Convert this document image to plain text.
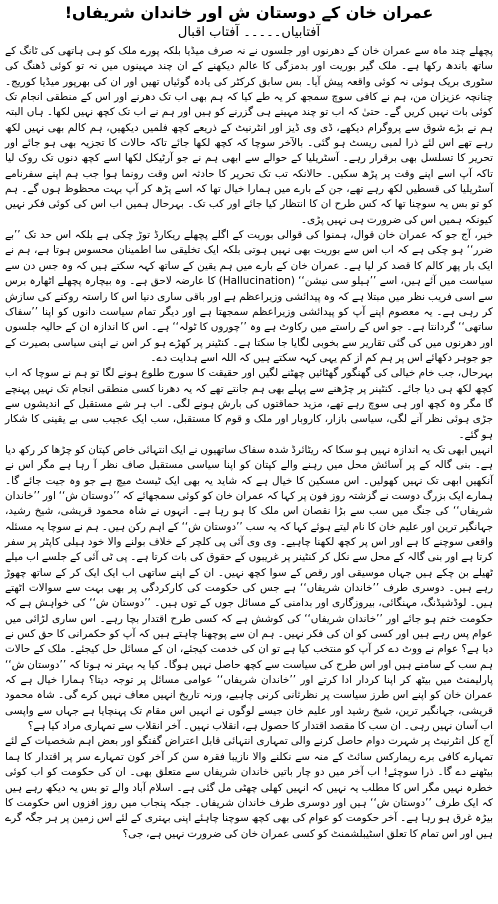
عمران خان کے دوستان ش اور خاندان شریفاں!
آفتابیاں۔۔۔۔۔ آفتاب اقبال

پچھلے چند ماہ سے عمران خان کے دھرنوں اور جلسوں نے نہ صرف میڈیا بلکہ پورے ملک کو ہی ہاتھی کی ٹانگ کے ساتھ باندھ رکھا ہے۔ ملک گیر بوریت اور بدمزگی کا عالم دیکھنے کے ان چند مہینوں میں نہ تو کوئی ڈھنگ کی سٹوری بریک ہوئی نہ کوئی واقعہ پیش آیا۔ بس سابق کرکٹر کی یادہ گوئیاں تھیں اور ان کی بھرپور میڈیا کوریج۔ چنانچہ عزیزان من، ہم نے کافی سوچ سمجھ کر یہ طے کیا کہ ہم بھی اب تک دھرنے اور اس کے منطقی انجام تک کوئی بات نہیں کریں گے۔ حتیٰ کہ اب تو چند مہینے ہی گزرنے کو ہیں اور ہم نے اب تک کچھ نہیں لکھا۔ ہاں البتہ ہم نے بڑے شوق سے پروگرام دیکھے، ڈی وی ڈیز اور انٹرنیٹ کے ذریعے کچھ فلمیں دیکھیں، ہم کالم بھی نہیں لکھ رہے تھے اس لئے ذرا لمبی ریسٹ ہو گئی۔ بالآخر سوچا کہ کچھ لکھا جائے تاکہ حالات کا تجزیہ بھی ہو جائے اور تحریر کا تسلسل بھی برقرار رہے۔ آسٹریلیا کے حوالے سے ابھی ہم نے جو آرٹیکل لکھا اسے کچھ دنوں تک روک لیا تاکہ آپ اسے اپنے وقت پر پڑھ سکیں۔ حالانکہ تب تک تحریر کا حادثہ اس وقت رونما ہوا جب ہم اپنے سفرنامے آسٹریلیا کی قسطیں لکھ رہے تھے، جن کے بارے میں ہمارا خیال تھا کہ اسے پڑھ کر آپ بہت محظوظ ہوں گے۔ ہم کو تو بس یہ سوچنا تھا کہ کس طرح ان کا انتظار کیا جائے اور کب تک۔ بہرحال ہمیں اب اس کی کوئی فکر نہیں کیونکہ ہمیں اس کی ضرورت ہی نہیں پڑی۔

خیر، آج جو کہ عمران خان قوال، ہمنوا کی قوالی بوریت کے اگلے پچھلے ریکارڈ توڑ چکی ہے بلکہ اس حد تک ’’بے ضرر‘‘ ہو چکی ہے کہ اب اس سے بوریت بھی نہیں ہوتی بلکہ ایک تخلیقی سا اطمینان محسوس ہوتا ہے، ہم نے ایک بار پھر کالم کا قصد کر لیا ہے۔ عمران خان کے بارے میں ہم یقین کے ساتھ کہہ سکتے ہیں کہ وہ جس دن سے سیاست میں آئے ہیں، اسے ’’ہیلو سی نیشن‘‘ (Hallucination) کا عارضہ لاحق ہے۔ وہ بیچارہ پچھلے اٹھارہ برس سے اسی فریب نظر میں مبتلا ہے کہ وہ پیدائشی وزیراعظم ہے اور باقی ساری دنیا اس کا راستہ روکنے کی سازش کر رہی ہے۔ یہ معصوم اپنے آپ کو پیدائشی وزیراعظم سمجھتا ہے اور دیگر تمام سیاست دانوں کو اپنا ’’سفاک ساتھی‘‘ گردانتا ہے۔ جو اس کے راستے میں رکاوٹ ہے وہ ’’چوروں کا ٹولہ‘‘ ہے۔ اس کا اندازہ ان کے حالیہ جلسوں اور دھرنوں میں کی گئی تقاریر سے بخوبی لگایا جا سکتا ہے۔ کنٹینر پر کھڑے ہو کر اس نے اپنی سیاسی بصیرت کے جو جوہر دکھائے اس پر ہم کم از کم یہی کہہ سکتے ہیں کہ اللہ اسے ہدایت دے۔

بہرحال، جب خام خیالی کی گھنگور گھٹائیں چھٹنے لگیں اور حقیقت کا سورج طلوع ہونے لگا تو ہم نے سوچا کہ اب کچھ لکھ ہی دیا جائے۔ کنٹینر پر چڑھنے سے پہلے بھی ہم جانتے تھے کہ یہ دھرنا کسی منطقی انجام تک نہیں پہنچے گا مگر وہ کچھ اور ہی سوچ رہے تھے، مزید حماقتوں کی بارش ہونے لگی۔ اب ہر شے مستقبل کے اندیشوں سے جڑی ہوئی نظر آنے لگی، سیاسی بازار، کاروبار اور ملک و قوم کا مستقبل، سب ایک عجیب سی بے یقینی کا شکار ہو گئے۔

انہیں ابھی تک یہ اندازہ نہیں ہو سکا کہ ریٹائرڈ شدہ سفاک ساتھیوں نے ایک انتہائی خاص کپتان کو چڑھا کر رکھ دیا ہے۔ بنی گالہ کے پر آسائش محل میں رہنے والے کپتان کو اپنا سیاسی مستقبل صاف نظر آ رہا ہے مگر اس نے آنکھیں ابھی تک نہیں کھولیں۔ اس مسکین کا خیال ہے کہ شاید یہ بھی ایک ٹیسٹ میچ ہے جو وہ جیت جائے گا۔ ہمارے ایک بزرگ دوست نے گزشتہ روز فون پر کہا کہ عمران خان کو کوئی سمجھائے کہ ’’دوستان ش‘‘ اور ’’خاندان شریفاں‘‘ کی جنگ میں سب سے بڑا نقصان اس ملک کا ہو رہا ہے۔ انہوں نے شاہ محمود قریشی، شیخ رشید، جہانگیر ترین اور علیم خان کا نام لیتے ہوئے کہا کہ یہ سب ’’دوستان ش‘‘ کے اہم رکن ہیں۔ ہم نے سوچا یہ مسئلہ واقعی سوچنے کا ہے اور اس پر کچھ لکھنا چاہیے۔ وی وی آئی پی کلچر کے خلاف بولنے والا خود ہیلی کاپٹر پر سفر کرتا ہے اور بنی گالہ کے محل سے نکل کر کنٹینر پر غریبوں کے حقوق کی بات کرتا ہے۔ پی ٹی آئی کے جلسے اب میلے ٹھیلے بن چکے ہیں جہاں موسیقی اور رقص کے سوا کچھ نہیں۔ ان کے اپنے ساتھی اب ایک ایک کر کے ساتھ چھوڑ رہے ہیں۔ دوسری طرف ’’خاندان شریفاں‘‘ ہے جس کی حکومت کی کارکردگی پر بھی بہت سے سوالات اٹھتے ہیں۔ لوڈشیڈنگ، مہنگائی، بیروزگاری اور بدامنی کے مسائل جوں کے توں ہیں۔ ’’دوستان ش‘‘ کی خواہش ہے کہ حکومت ختم ہو جائے اور ’’خاندان شریفاں‘‘ کی کوشش ہے کہ کسی طرح اقتدار بچا رہے۔ اس ساری لڑائی میں عوام پس رہے ہیں اور کسی کو ان کی فکر نہیں۔ ہم ان سے پوچھنا چاہتے ہیں کہ آپ کو حکمرانی کا حق کس نے دیا ہے؟ عوام نے ووٹ دے کر آپ کو منتخب کیا ہے تو ان کی خدمت کیجئے، ان کے مسائل حل کیجئے۔ ملک کے حالات ہم سب کے سامنے ہیں اور اس طرح کی سیاست سے کچھ حاصل نہیں ہوگا۔ کیا یہ بہتر نہ ہوتا کہ ’’دوستان ش‘‘ پارلیمنٹ میں بیٹھ کر اپنا کردار ادا کرتے اور ’’خاندان شریفاں‘‘ عوامی مسائل پر توجہ دیتا؟ ہمارا خیال ہے کہ عمران خان کو اپنے اس طرز سیاست پر نظرثانی کرنی چاہیے، ورنہ تاریخ انہیں معاف نہیں کرے گی۔ شاہ محمود قریشی، جہانگیر ترین، شیخ رشید اور علیم خان جیسے لوگوں نے انہیں اس مقام تک پہنچایا ہے جہاں سے واپسی اب آسان نہیں رہی۔ ان سب کا مقصد اقتدار کا حصول ہے، انقلاب نہیں۔ آخر انقلاب سے تمہاری مراد کیا ہے؟

آج کل انٹرنیٹ پر شہرت دوام حاصل کرنے والی تمہاری انتہائی قابل اعتراض گفتگو اور بعض اہم شخصیات کے لئے تمہارے کافی برے ریمارکس سائٹ کے منہ سے نکلنے والا نازیبا فقرہ سن کر آخر کون تمہارے سر پر اقتدار کا ہما بیٹھنے دے گا۔ ذرا سوچئے! اب آخر میں دو چار باتیں خاندان شریفاں سے متعلق بھی۔ ان کی حکومت کو اب کوئی خطرہ نہیں مگر اس کا مطلب یہ نہیں کہ انہیں کھلی چھٹی مل گئی ہے۔ اسلام آباد والے تو بس یہ دیکھ رہے ہیں کہ ایک طرف ’’دوستان ش‘‘ ہیں اور دوسری طرف خاندان شریفاں۔ جبکہ پنجاب میں روز افزوں اس حکومت کا بیڑہ غرق ہو رہا ہے۔ آخر حکومت کو عوام کی بھی کچھ سوچنا چاہئے اپنی بہتری کے لئے اس زمین پر ہر جگہ گرے ہیں اور اس تمام کا تعلق اسٹیبلشمنٹ کو کسی عمران خان کی ضرورت نہیں ہے، جی؟
